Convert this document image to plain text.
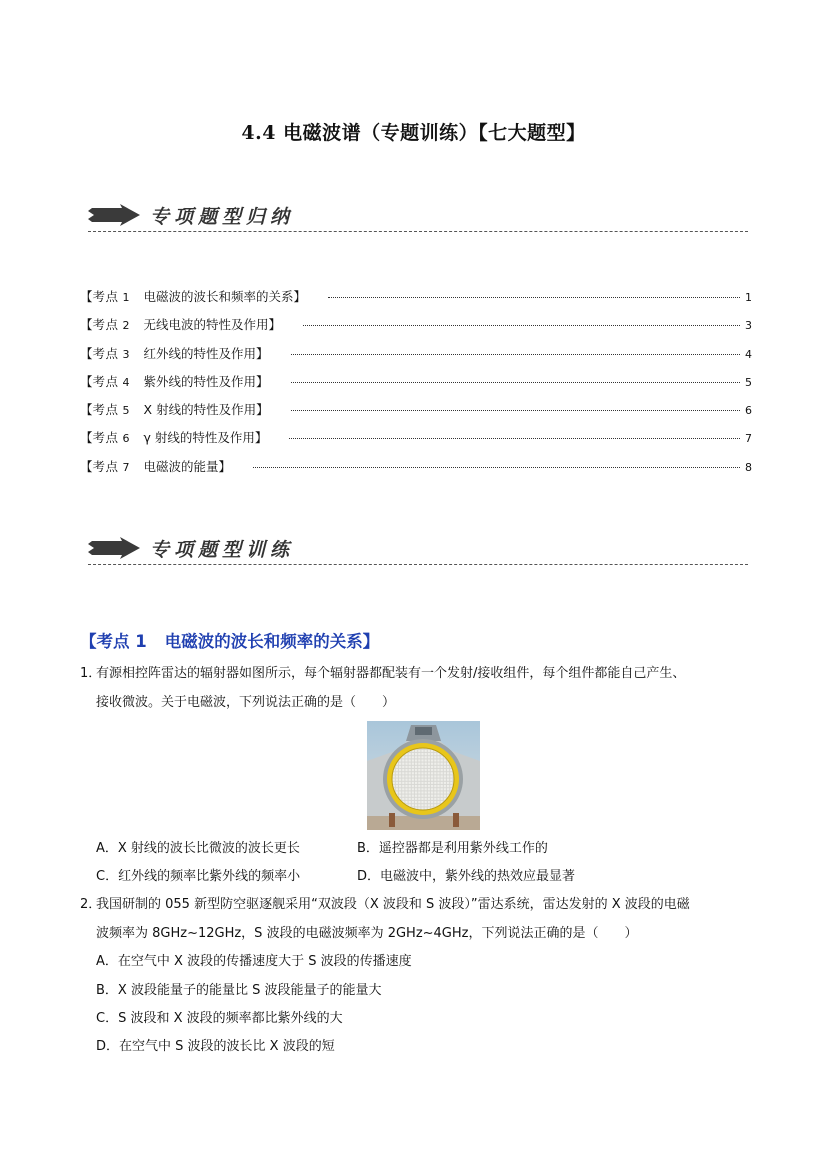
4.4 电磁波谱（专题训练）【七大题型】
专项题型归纳
【考点 1 电磁波的波长和频率的关系】	1
【考点 2 无线电波的特性及作用】	3
【考点 3 红外线的特性及作用】	4
【考点 4 紫外线的特性及作用】	5
【考点 5 X 射线的特性及作用】	6
【考点 6 γ 射线的特性及作用】	7
【考点 7 电磁波的能量】	8
专项题型训练
【考点 1 电磁波的波长和频率的关系】
1．有源相控阵雷达的辐射器如图所示，每个辐射器都配装有一个发射/接收组件，每个组件都能自己产生、
接收微波。关于电磁波，下列说法正确的是（　　）
A．X 射线的波长比微波的波长更长	B．遥控器都是利用紫外线工作的
C．红外线的频率比紫外线的频率小	D．电磁波中，紫外线的热效应最显著
2．我国研制的 055 新型防空驱逐舰采用“双波段（X 波段和 S 波段）”雷达系统，雷达发射的 X 波段的电磁
波频率为 8GHz~12GHz，S 波段的电磁波频率为 2GHz~4GHz，下列说法正确的是（　　）
A．在空气中 X 波段的传播速度大于 S 波段的传播速度
B．X 波段能量子的能量比 S 波段能量子的能量大
C．S 波段和 X 波段的频率都比紫外线的大
D．在空气中 S 波段的波长比 X 波段的短
